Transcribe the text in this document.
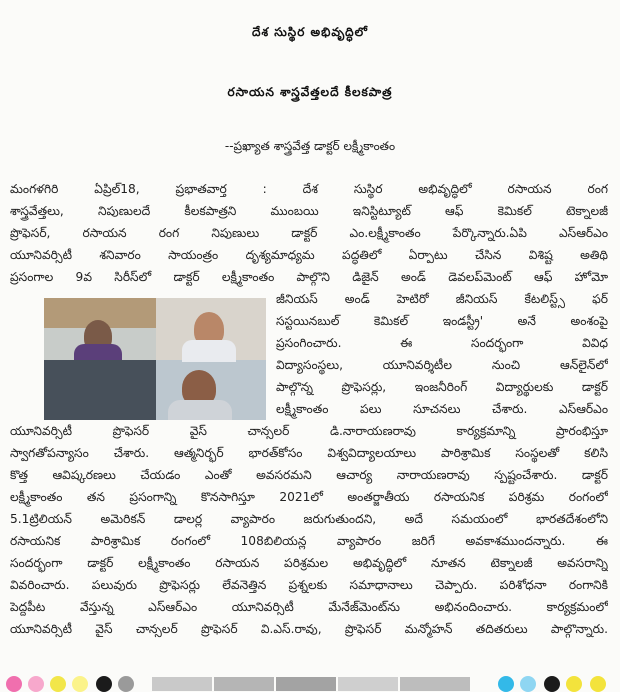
దేశ సుస్థిర అభివృద్ధిలో
రసాయన శాస్త్రవేత్తలదే కీలకపాత్ర
--ప్రఖ్యాత శాస్త్రవేత్త డాక్టర్ లక్ష్మీకాంతం
మంగళగిరి ఏప్రిల్18, ప్రభాతవార్త : దేశ సుస్థిర అభివృద్ధిలో రసాయన రంగ
శాస్త్రవేత్తలు, నిపుణులదే కీలకపాత్రని ముంబయి ఇనిస్టిట్యూట్ ఆఫ్ కెమికల్ టెక్నాలజీ
ప్రొఫెసర్, రసాయన రంగ నిపుణులు డాక్టర్ ఎం.లక్ష్మీకాంతం పేర్కొన్నారు.ఏపి ఎస్ఆర్ఎం
యూనివర్సిటీ శనివారం సాయంత్రం దృశ్యమాధ్యమ పద్ధతిలో ఏర్పాటు చేసిన విశిష్ట అతిథి
ప్రసంగాల 9వ సిరీస్‌లో డాక్టర్ లక్ష్మీకాంతం పాల్గొని డిజైన్ అండ్ డెవలప్‌మెంట్ ఆఫ్ హోమో
జీనియస్ అండ్ హెటిరో జీనియస్ కేటలిస్ట్స్ ఫర్
సస్టయినబుల్ కెమికల్ ఇండస్ట్రీ' అనే అంశంపై
ప్రసంగించారు. ఈ సందర్భంగా వివిధ
విద్యాసంస్థలు, యూనివర్శిటీల నుంచి ఆన్‌లైన్‌లో
పాల్గొన్న ప్రొఫెసర్లు, ఇంజనీరింగ్ విద్యార్థులకు డాక్టర్
లక్ష్మీకాంతం పలు సూచనలు చేశారు. ఎస్ఆర్ఎం
యూనివర్సిటీ ప్రొఫెసర్ వైస్ చాన్సలర్ డి.నారాయణరావు కార్యక్రమాన్ని ప్రారంభిస్తూ
స్వాగతోపన్యాసం చేశారు. ఆత్మనిర్భర్ భారత్‌కోసం విశ్వవిద్యాలయాలు పారిశ్రామిక సంస్థలతో కలిసి
కొత్త ఆవిష్కరణలు చేయడం ఎంతో అవసరమని ఆచార్య నారాయణరావు స్పష్టంచేశారు. డాక్టర్
లక్ష్మీకాంతం తన ప్రసంగాన్ని కొనసాగిస్తూ 2021లో అంతర్జాతీయ రసాయనిక పరిశ్రమ రంగంలో
5.1ట్రిలియన్ అమెరికన్ డాలర్ల వ్యాపారం జరుగుతుందని, అదే సమయంలో భారతదేశంలోని
రసాయనిక పారిశ్రామిక రంగంలో 108బిలియన్ల వ్యాపారం జరిగే అవకాశముందన్నారు. ఈ
సందర్భంగా డాక్టర్ లక్ష్మీకాంతం రసాయన పరిశ్రమల అభివృద్ధిలో నూతన టెక్నాలజీ అవసరాన్ని
వివరించారు. పలువురు ప్రొఫెసర్లు లేవనెత్తిన ప్రశ్నలకు సమాధానాలు చెప్పారు. పరిశోధనా రంగానికి
పెద్దపీట వేస్తున్న ఎస్ఆర్ఎం యూనివర్సిటీ మేనేజ్‌మెంట్‌ను అభినందించారు. కార్యక్రమంలో
యూనివర్సిటీ వైస్ చాన్సలర్ ప్రొఫెసర్ వి.ఎస్.రావు, ప్రొఫెసర్ మన్మోహన్ తదితరులు పాల్గొన్నారు.
